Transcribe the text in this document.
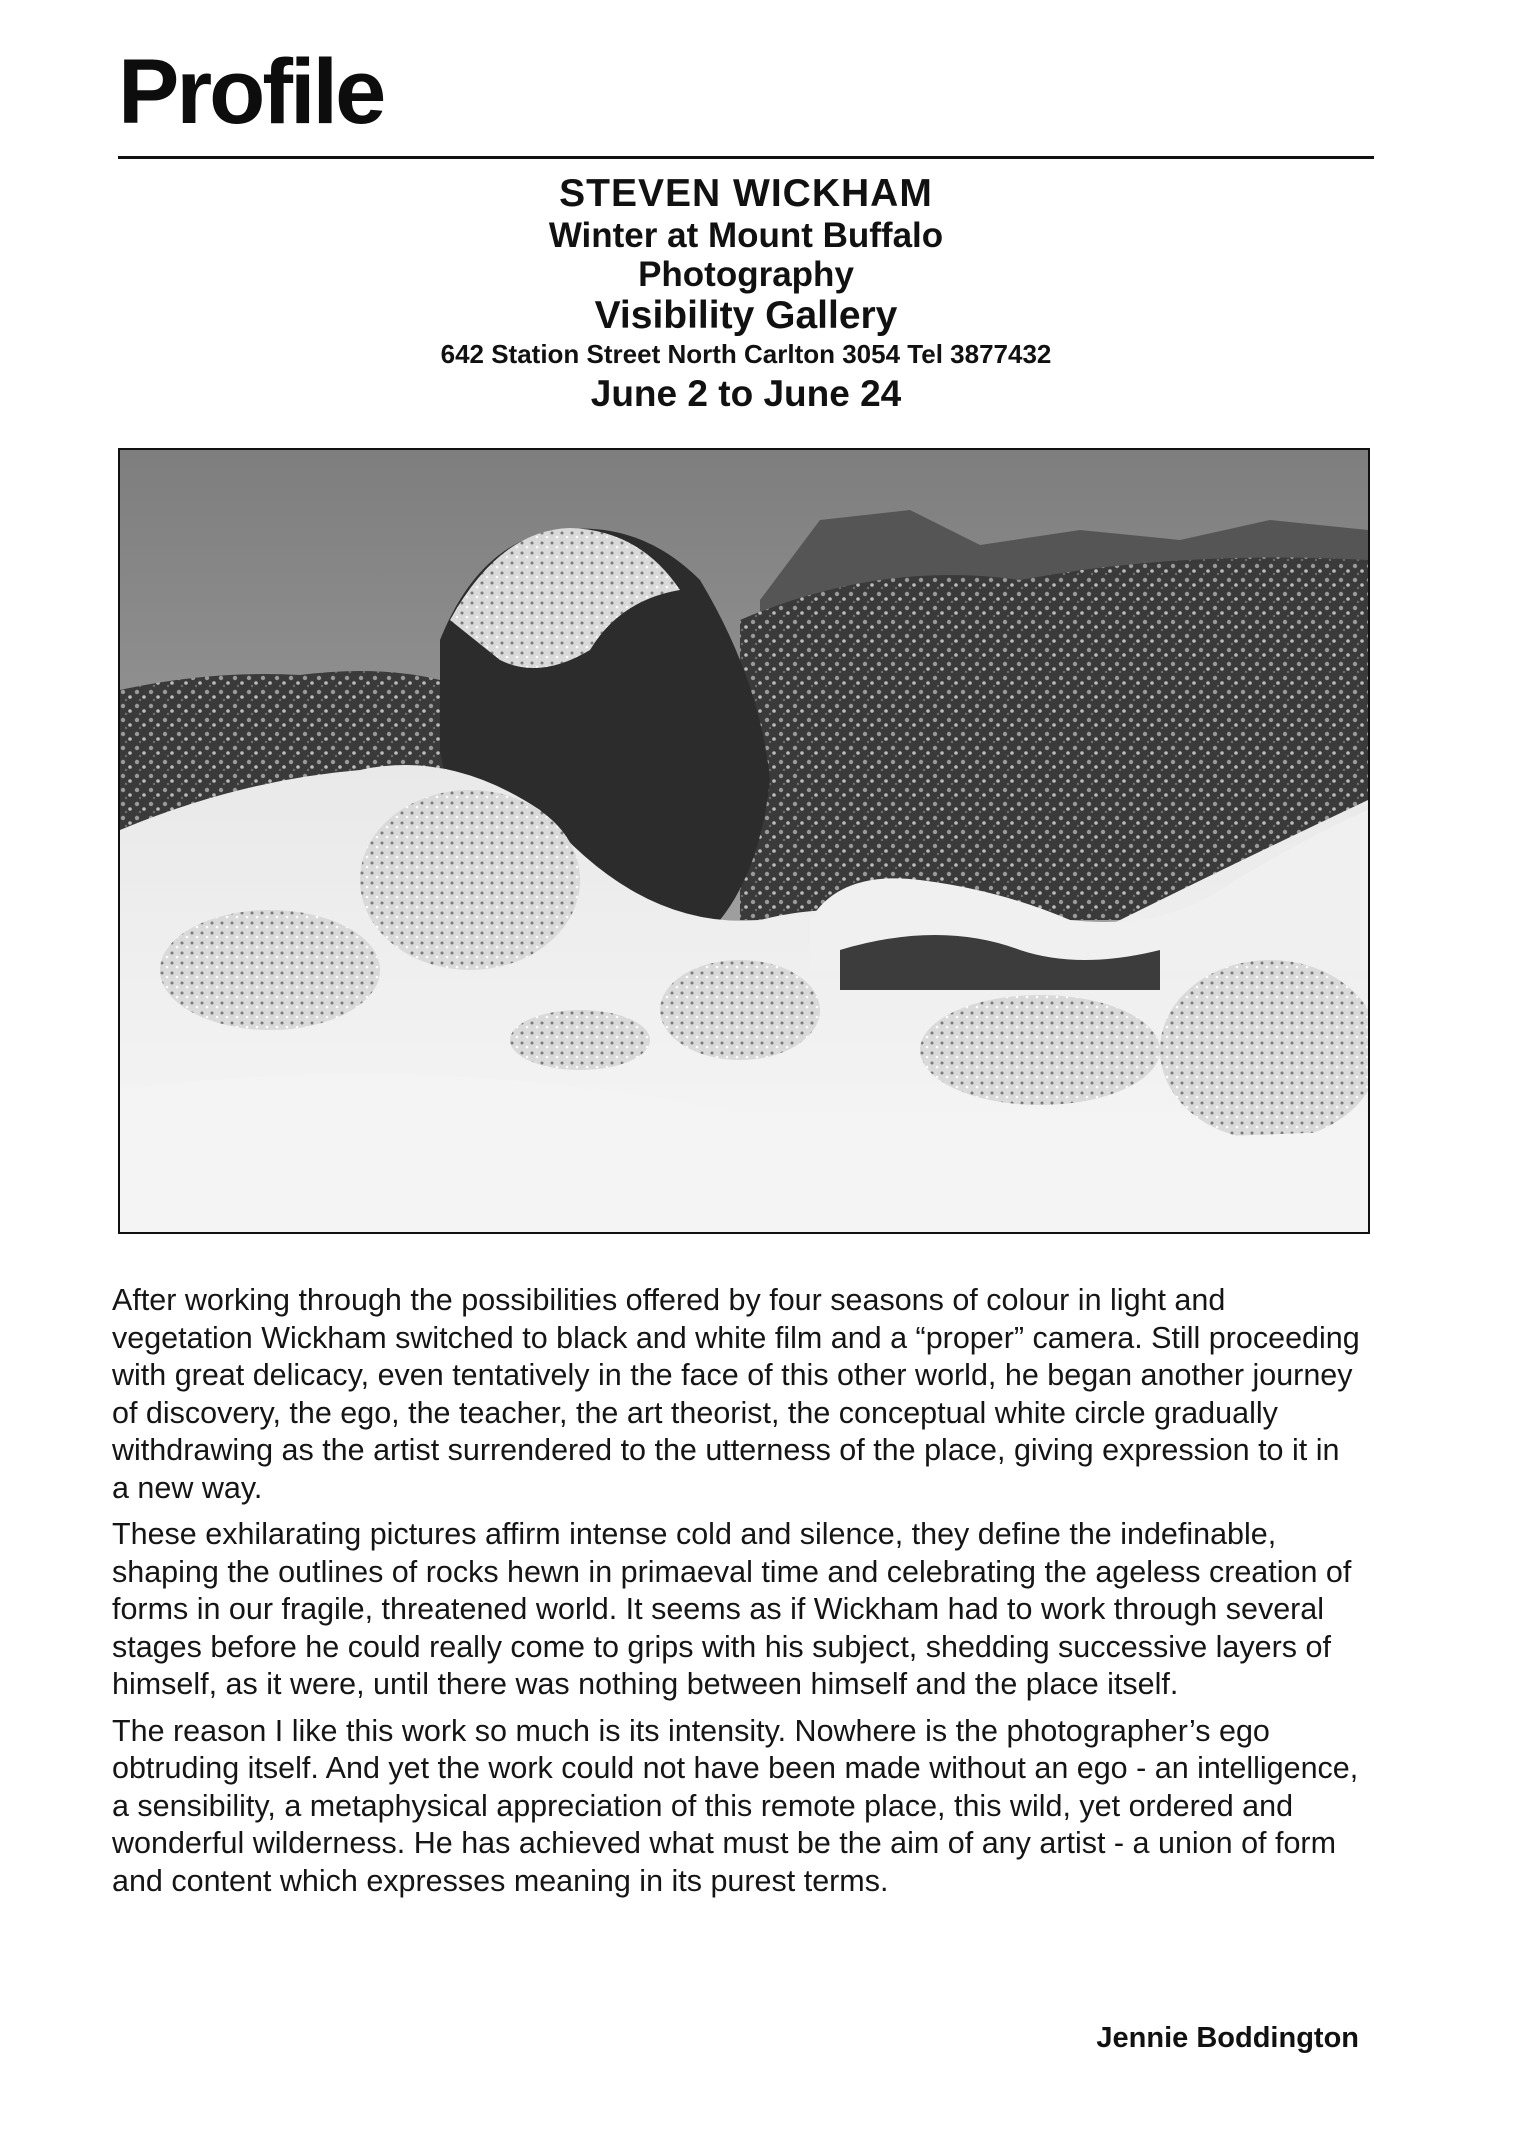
Profile
STEVEN WICKHAM
Winter at Mount Buffalo
Photography
Visibility Gallery
642 Station Street North Carlton 3054 Tel 3877432
June 2 to June 24

After working through the possibilities offered by four seasons of colour in light and vegetation Wickham switched to black and white film and a “proper” camera. Still proceeding with great delicacy, even tentatively in the face of this other world, he began another journey of discovery, the ego, the teacher, the art theorist, the conceptual white circle gradually withdrawing as the artist surrendered to the utterness of the place, giving expression to it in a new way.

These exhilarating pictures affirm intense cold and silence, they define the indefinable, shaping the outlines of rocks hewn in primaeval time and celebrating the ageless creation of forms in our fragile, threatened world. It seems as if Wickham had to work through several stages before he could really come to grips with his subject, shedding successive layers of himself, as it were, until there was nothing between himself and the place itself.

The reason I like this work so much is its intensity. Nowhere is the photographer’s ego obtruding itself. And yet the work could not have been made without an ego - an intelligence, a sensibility, a metaphysical appreciation of this remote place, this wild, yet ordered and wonderful wilderness. He has achieved what must be the aim of any artist - a union of form and content which expresses meaning in its purest terms.

Jennie Boddington
